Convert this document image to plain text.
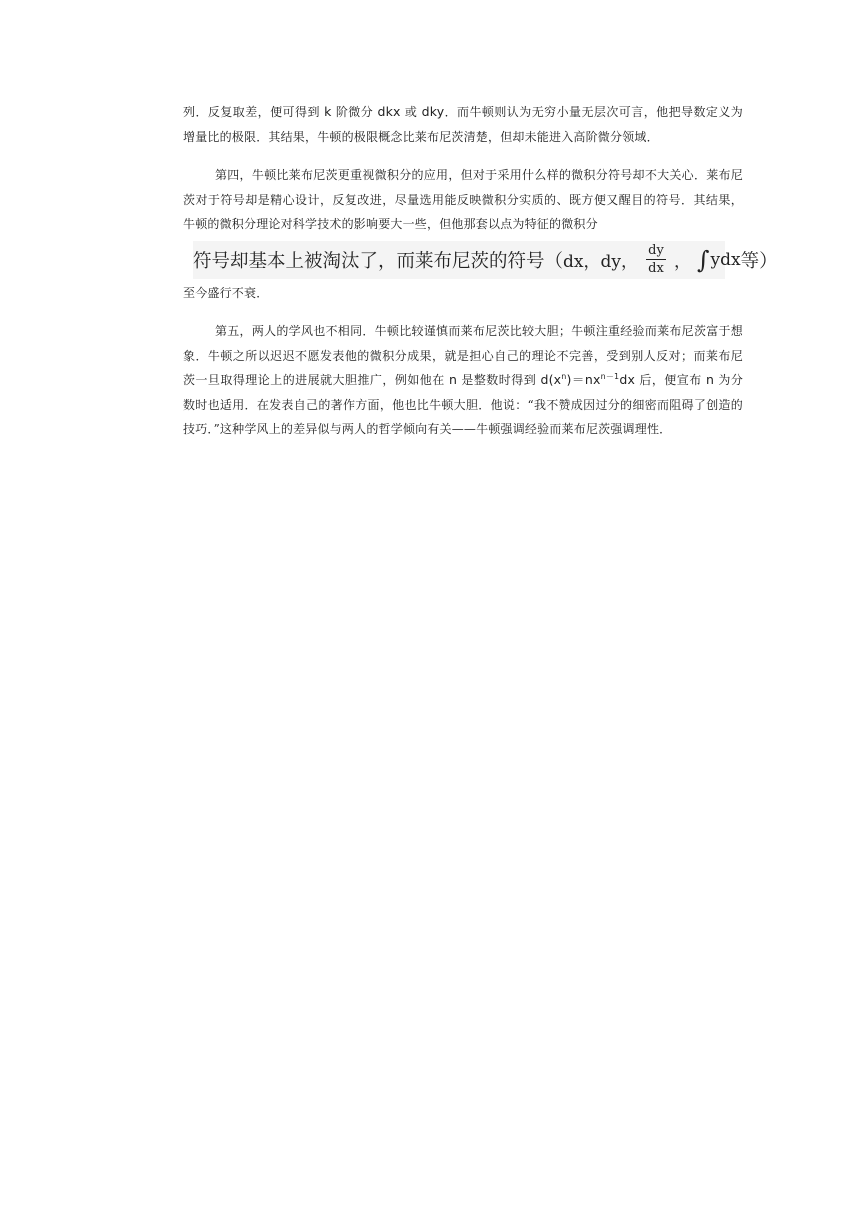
列．反复取差，便可得到 k 阶微分 dkx 或 dky．而牛顿则认为无穷小量无层次可言，他把导数定义为增量比的极限．其结果，牛顿的极限概念比莱布尼茨清楚，但却未能进入高阶微分领域．

第四，牛顿比莱布尼茨更重视微积分的应用，但对于采用什么样的微积分符号却不大关心．莱布尼茨对于符号却是精心设计，反复改进，尽量选用能反映微积分实质的、既方便又醒目的符号．其结果，牛顿的微积分理论对科学技术的影响要大一些，但他那套以点为特征的微积分

符号却基本上被淘汰了，而莱布尼茨的符号（ dx， dy， $\frac{dy}{dx}$ ， ∫ ydx 等）

至今盛行不衰．

第五，两人的学风也不相同．牛顿比较谨慎而莱布尼茨比较大胆；牛顿注重经验而莱布尼茨富于想象．牛顿之所以迟迟不愿发表他的微积分成果，就是担心自己的理论不完善，受到别人反对；而莱布尼茨一旦取得理论上的进展就大胆推广，例如他在 n 是整数时得到 $d(x^n)=nx^{n-1}dx$ 后，便宣布 n 为分数时也适用．在发表自己的著作方面，他也比牛顿大胆．他说：“我不赞成因过分的细密而阻碍了创造的技巧．”这种学风上的差异似与两人的哲学倾向有关——牛顿强调经验而莱布尼茨强调理性．
